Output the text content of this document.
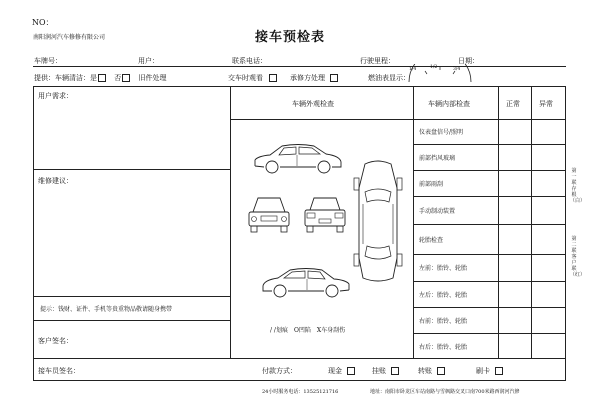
NO：
南阳润河汽车修修有限公司	接车预检表
车牌号：	用户：	联系电话：	行驶里程：	日期：
提供：车辆清洁：是 否 旧件处理	交车时观看	承修方处理	燃油表显示：
1/4	1/2	3/4
用户需求：
维修建议：
提示：钱财、证件、手机等贵重物品敬请随身携带
客户签名：
接车员签名：
车辆外观检查
/ /划痕　O凹陷　X车身刮伤
车辆内部检查	正常	异常
仪表盘信号/照明
前部挡风玻璃
前部雨刮
手动制动装置
轮胎检查
左前：胎铃、轮胎
左后：胎铃、轮胎
右前：胎铃、轮胎
右后：胎铃、轮胎
付款方式：	现金	挂账	转账	刷卡
24小时服务电话：13525121716	地址：南阳市卧龙区车站南路与雪枫路交叉口南700米路西润河汽修
第一联存根（白）
第二联客户联（红）
